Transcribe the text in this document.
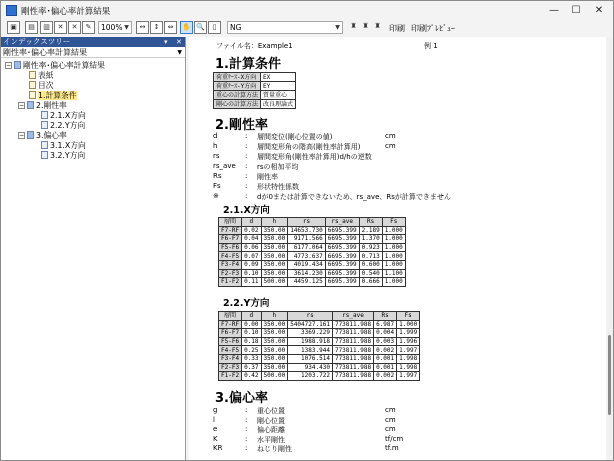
剛性率･偏心率計算結果	—	☐	✕
▣	▤	▥	✕	✕	✎	100% ▼	↔	↕	⇔	✋ 🔍	▯	NG	▼	♜ ♜ ♜	印刷 印刷ﾌﾟﾚﾋﾞｭｰ
インデックスツリー	▾ ✕
剛性率･偏心率計算結果	▼
− 剛性率･偏心率計算結果
表紙
目次
1.計算条件
− 2.剛性率
2.1.X方向
2.2.Y方向
− 3.偏心率
3.1.X方向
3.2.Y方向
ファイル名：Example1	例 1
1.計算条件
荷重ｹｰｽ-X方向	EX
荷重ｹｰｽ-Y方向	EY
重心の計算方法	質量重心
剛心の計算方法	改良理論式
2.剛性率
d	: 層間変位(剛心位置の値)	cm
h	: 層間変形角の階高(剛性率計算用)	cm
rs	: 層間変形角(剛性率計算用)d/hの逆数
rs_ave : rsの相加平均
Rs	: 剛性率
Fs	: 形状特性係数
※	: dが0または計算できないため、rs_ave、Rsが計算できません
2.1.X方向
層間	d	h	rs	rs_ave	Rs	Fs
F7-RF	0.02	350.00	14653.730	6695.399	2.189	1.000
F6-F7	0.04	350.00	9171.566	6695.399	1.370	1.000
F5-F6	0.06	350.00	6177.064	6695.399	0.923	1.000
F4-F5	0.07	350.00	4773.637	6695.399	0.713	1.000
F3-F4	0.09	350.00	4019.434	6695.399	0.600	1.000
F2-F3	0.10	350.00	3614.230	6695.399	0.540	1.100
F1-F2	0.11	500.00	4459.125	6695.399	0.666	1.000
2.2.Y方向
層間	d	h	rs	rs_ave	Rs	Fs
F7-RF	0.00	350.00	5404727.161	773811.988	6.987	1.000
F6-F7	0.10	350.00	3369.229	773811.988	0.004	1.999
F5-F6	0.18	350.00	1988.918	773811.988	0.003	1.996
F4-F5	0.25	350.00	1383.944	773811.988	0.002	1.997
F3-F4	0.33	350.00	1076.514	773811.988	0.001	1.998
F2-F3	0.37	350.00	934.430	773811.988	0.001	1.998
F1-F2	0.42	500.00	1203.722	773811.988	0.002	1.997
3.偏心率
g	: 重心位置	cm
l	: 剛心位置	cm
e	: 偏心距離	cm
K	: 水平剛性	tf/cm
KR	: ねじり剛性	tf.m
